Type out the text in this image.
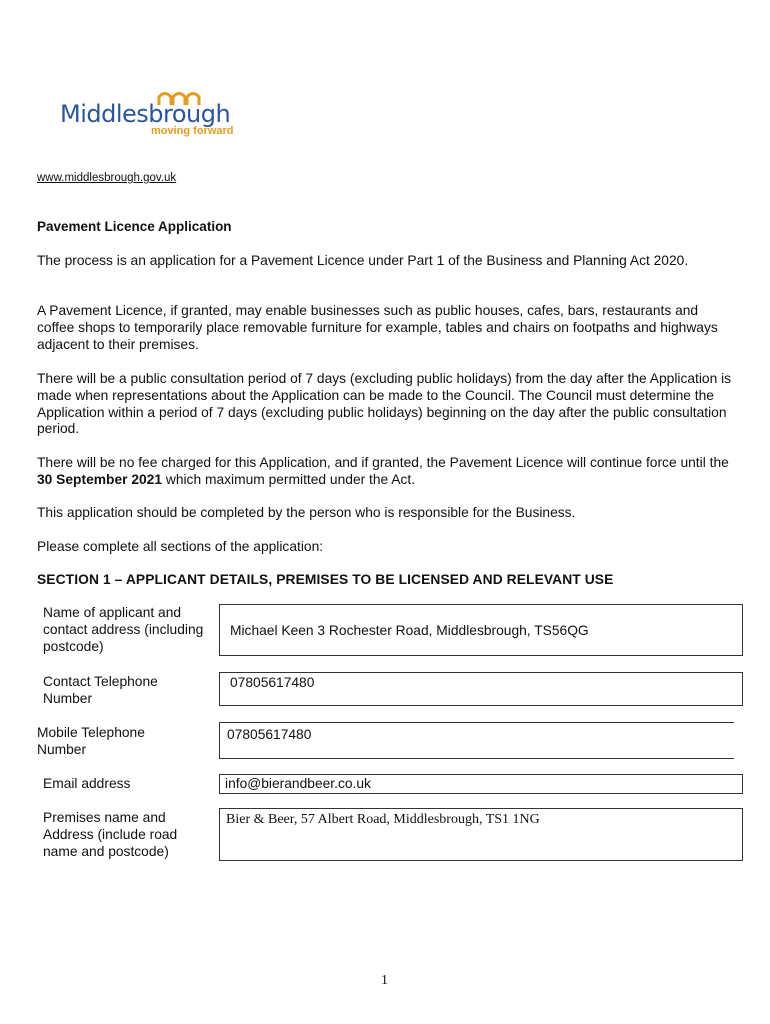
Middlesbrough
moving forward
www.middlesbrough.gov.uk
Pavement Licence Application

The process is an application for a Pavement Licence under Part 1 of the Business and Planning Act 2020.

A Pavement Licence, if granted, may enable businesses such as public houses, cafes, bars, restaurants and coffee shops to temporarily place removable furniture for example, tables and chairs on footpaths and highways adjacent to their premises.

There will be a public consultation period of 7 days (excluding public holidays) from the day after the Application is made when representations about the Application can be made to the Council. The Council must determine the Application within a period of 7 days (excluding public holidays) beginning on the day after the public consultation period.

There will be no fee charged for this Application, and if granted, the Pavement Licence will continue force until the 30 September 2021 which maximum permitted under the Act.

This application should be completed by the person who is responsible for the Business.

Please complete all sections of the application:

SECTION 1 – APPLICANT DETAILS, PREMISES TO BE LICENSED AND RELEVANT USE
Name of applicant and contact address (including postcode)
Michael Keen 3 Rochester Road, Middlesbrough, TS56QG
Contact Telephone Number
07805617480
Mobile Telephone Number
07805617480
Email address	info@bierandbeer.co.uk
Premises name and Address (include road name and postcode)
Bier & Beer, 57 Albert Road, Middlesbrough, TS1 1NG
1
